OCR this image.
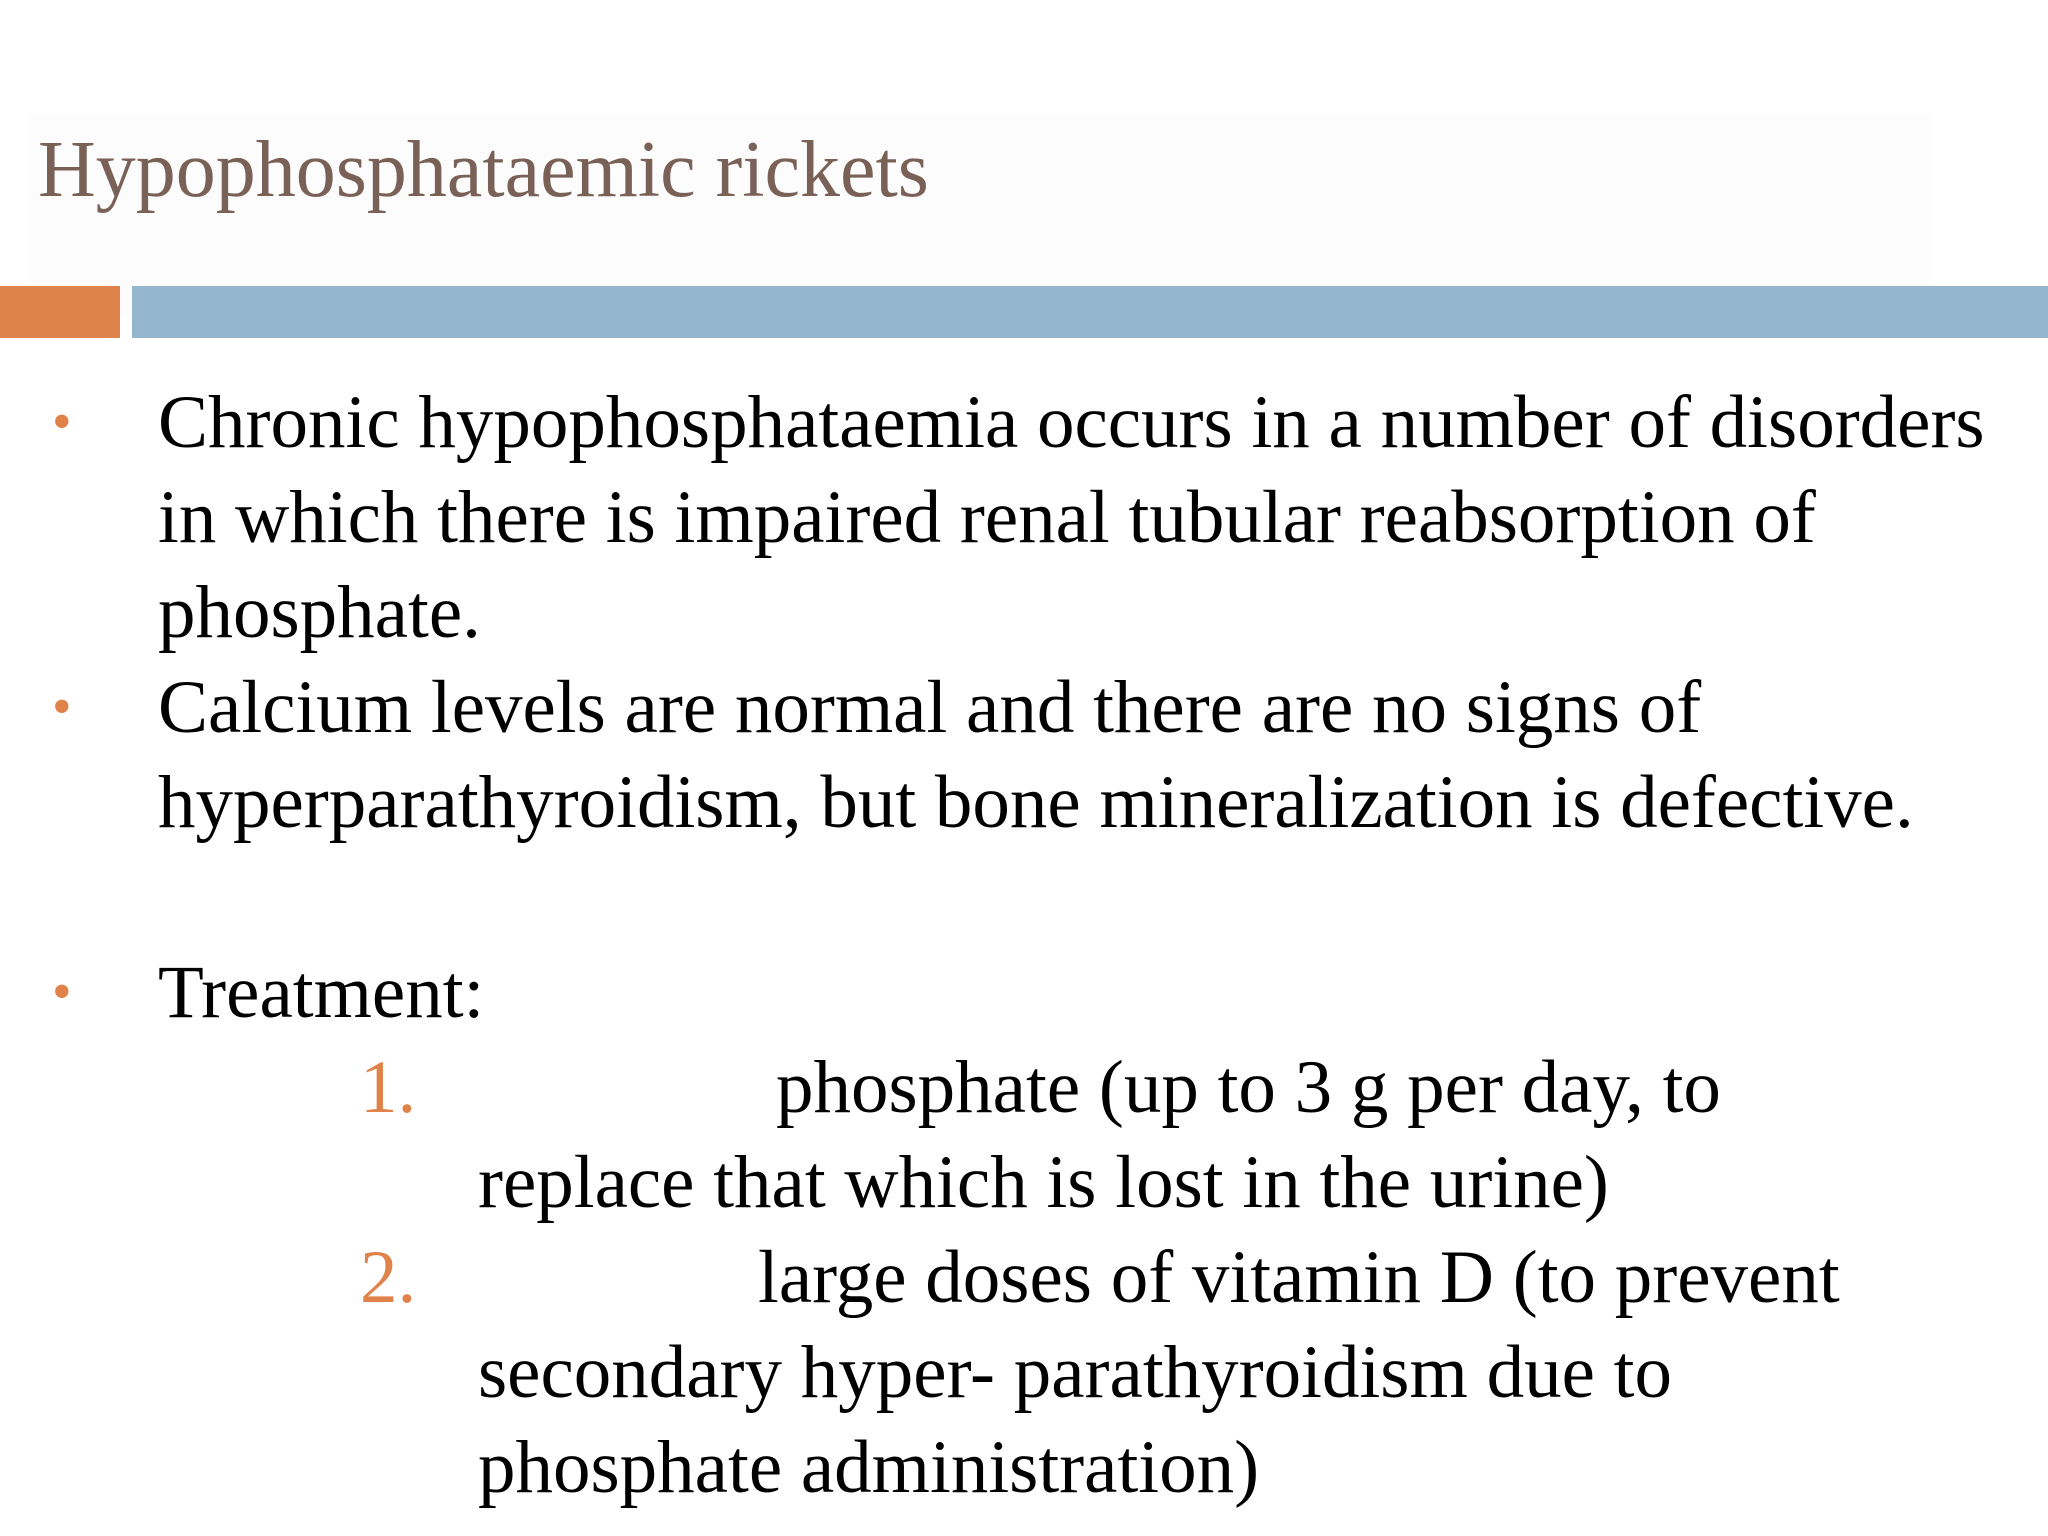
Hypophosphataemic rickets
• Chronic hypophosphataemia occurs in a number of disorders in which there is impaired renal tubular reabsorption of phosphate.
• Calcium levels are normal and there are no signs of hyperparathyroidism, but bone mineralization is defective.
• Treatment:
1.	phosphate (up to 3 g per day, to
replace that which is lost in the urine)
2.	large doses of vitamin D (to prevent
secondary hyper- parathyroidism due to
phosphate administration)
